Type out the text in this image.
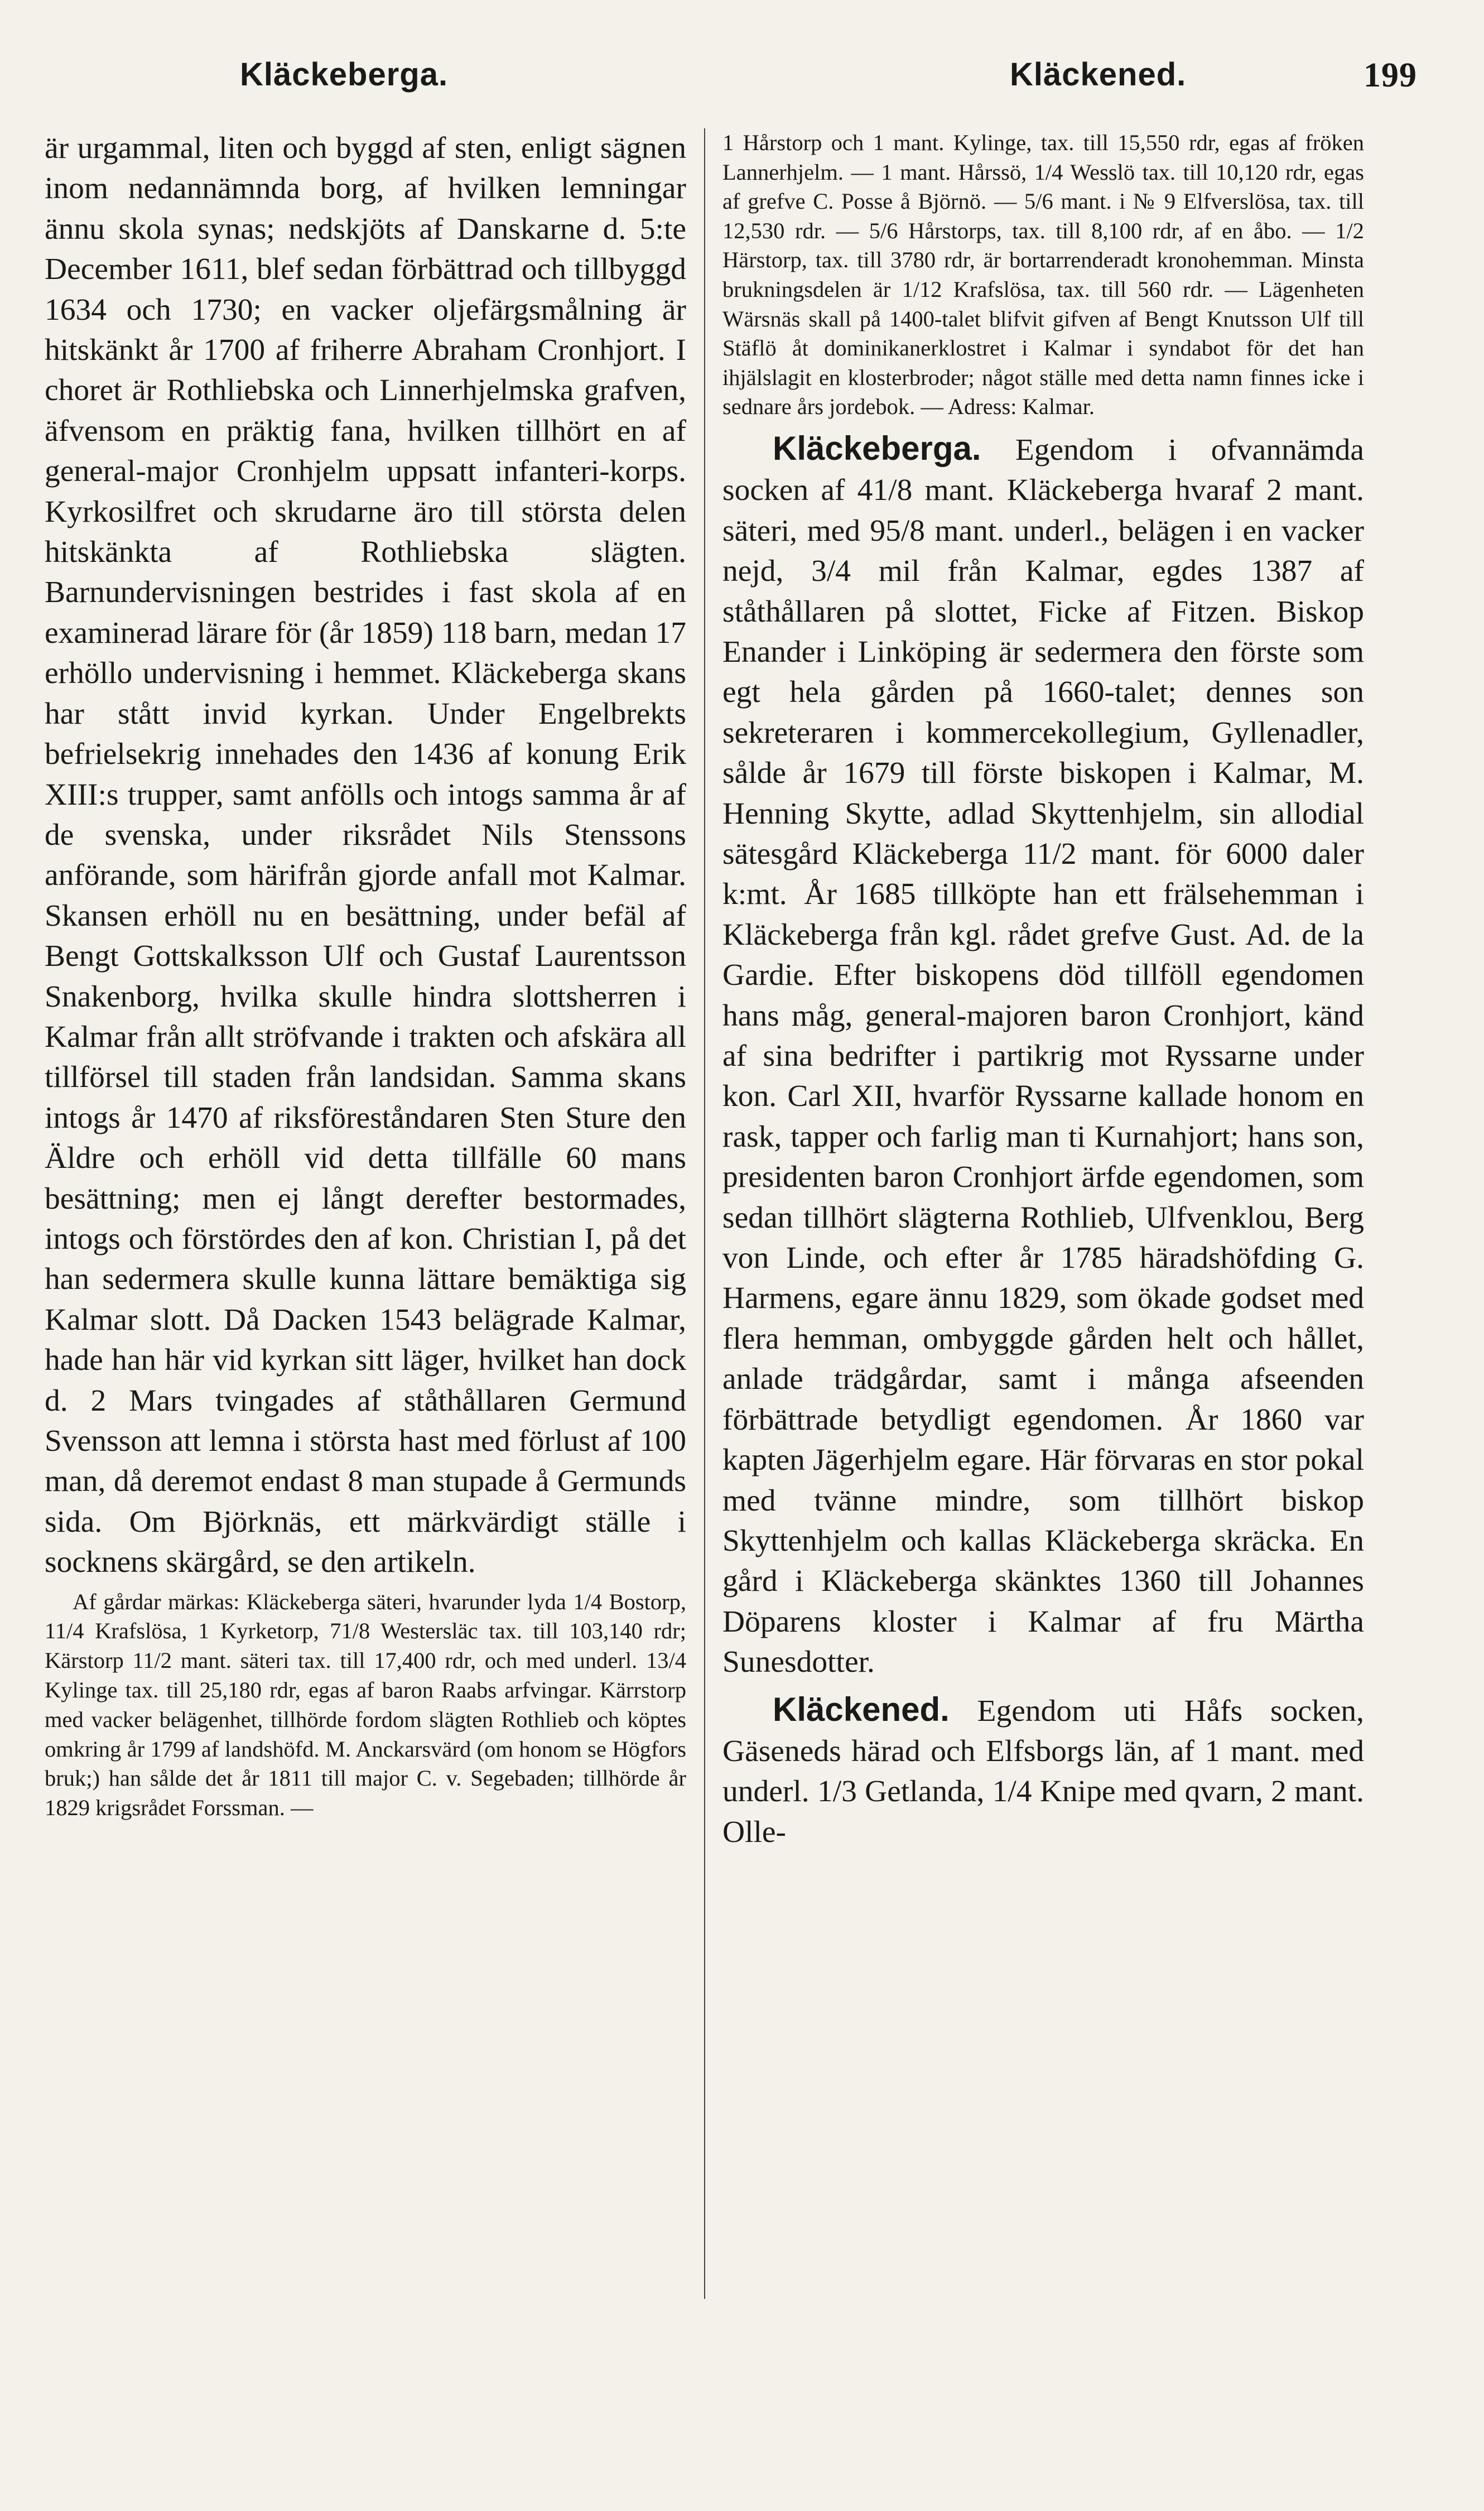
Kläckeberga.	Kläckened.	199

är urgammal, liten och byggd af sten, enligt sägnen inom nedannämnda borg, af hvilken lemningar ännu skola synas; nedskjöts af Danskarne d. 5:te December 1611, blef sedan förbättrad och tillbyggd 1634 och 1730; en vacker oljefärgsmålning är hitskänkt år 1700 af friherre Abraham Cronhjort. I choret är Rothliebska och Linnerhjelmska grafven, äfvensom en präktig fana, hvilken tillhört en af general-major Cronhjelm uppsatt infanteri-korps. Kyrkosilfret och skrudarne äro till största delen hitskänkta af Rothliebska slägten. Barnundervisningen bestrides i fast skola af en examinerad lärare för (år 1859) 118 barn, medan 17 erhöllo undervisning i hemmet. Kläckeberga skans har stått invid kyrkan. Under Engelbrekts befrielsekrig innehades den 1436 af konung Erik XIII:s trupper, samt anfölls och intogs samma år af de svenska, under riksrådet Nils Stenssons anförande, som härifrån gjorde anfall mot Kalmar. Skansen erhöll nu en besättning, under befäl af Bengt Gottskalksson Ulf och Gustaf Laurentsson Snakenborg, hvilka skulle hindra slottsherren i Kalmar från allt ströfvande i trakten och afskära all tillförsel till staden från landsidan. Samma skans intogs år 1470 af riksföreståndaren Sten Sture den Äldre och erhöll vid detta tillfälle 60 mans besättning; men ej långt derefter bestormades, intogs och förstördes den af kon. Christian I, på det han sedermera skulle kunna lättare bemäktiga sig Kalmar slott. Då Dacken 1543 belägrade Kalmar, hade han här vid kyrkan sitt läger, hvilket han dock d. 2 Mars tvingades af ståthållaren Germund Svensson att lemna i största hast med förlust af 100 man, då deremot endast 8 man stupade å Germunds sida. Om Björknäs, ett märkvärdigt ställe i socknens skärgård, se den artikeln.

Af gårdar märkas: Kläckeberga säteri, hvarunder lyda 1/4 Bostorp, 11/4 Krafslösa, 1 Kyrketorp, 71/8 Westersläc tax. till 103,140 rdr; Kärstorp 11/2 mant. säteri tax. till 17,400 rdr, och med underl. 13/4 Kylinge tax. till 25,180 rdr, egas af baron Raabs arfvingar. Kärrstorp med vacker belägenhet, tillhörde fordom slägten Rothlieb och köptes omkring år 1799 af landshöfd. M. Anckarsvärd (om honom se Högfors bruk;) han sålde det år 1811 till major C. v. Segebaden; tillhörde år 1829 krigsrådet Forssman. —

1 Hårstorp och 1 mant. Kylinge, tax. till 15,550 rdr, egas af fröken Lannerhjelm. — 1 mant. Hårssö, 1/4 Wesslö tax. till 10,120 rdr, egas af grefve C. Posse å Björnö. — 5/6 mant. i № 9 Elfverslösa, tax. till 12,530 rdr. — 5/6 Hårstorps, tax. till 8,100 rdr, af en åbo. — 1/2 Härstorp, tax. till 3780 rdr, är bortarrenderadt kronohemman. Minsta brukningsdelen är 1/12 Krafslösa, tax. till 560 rdr. — Lägenheten Wärsnäs skall på 1400-talet blifvit gifven af Bengt Knutsson Ulf till Stäflö åt dominikanerklostret i Kalmar i syndabot för det han ihjälslagit en klosterbroder; något ställe med detta namn finnes icke i sednare års jordebok. — Adress: Kalmar.

Kläckeberga. Egendom i ofvannämda socken af 41/8 mant. Kläckeberga hvaraf 2 mant. säteri, med 95/8 mant. underl., belägen i en vacker nejd, 3/4 mil från Kalmar, egdes 1387 af ståthållaren på slottet, Ficke af Fitzen. Biskop Enander i Linköping är sedermera den förste som egt hela gården på 1660-talet; dennes son sekreteraren i kommercekollegium, Gyllenadler, sålde år 1679 till förste biskopen i Kalmar, M. Henning Skytte, adlad Skyttenhjelm, sin allodial sätesgård Kläckeberga 11/2 mant. för 6000 daler k:mt. År 1685 tillköpte han ett frälsehemman i Kläckeberga från kgl. rådet grefve Gust. Ad. de la Gardie. Efter biskopens död tillföll egendomen hans måg, general-majoren baron Cronhjort, känd af sina bedrifter i partikrig mot Ryssarne under kon. Carl XII, hvarför Ryssarne kallade honom en rask, tapper och farlig man ti Kurnahjort; hans son, presidenten baron Cronhjort ärfde egendomen, som sedan tillhört slägterna Rothlieb, Ulfvenklou, Berg von Linde, och efter år 1785 häradshöfding G. Harmens, egare ännu 1829, som ökade godset med flera hemman, ombyggde gården helt och hållet, anlade trädgårdar, samt i många afseenden förbättrade betydligt egendomen. År 1860 var kapten Jägerhjelm egare. Här förvaras en stor pokal med tvänne mindre, som tillhört biskop Skyttenhjelm och kallas Kläckeberga skräcka. En gård i Kläckeberga skänktes 1360 till Johannes Döparens kloster i Kalmar af fru Märtha Sunesdotter.

Kläckened. Egendom uti Håfs socken, Gäseneds härad och Elfsborgs län, af 1 mant. med underl. 1/3 Getlanda, 1/4 Knipe med qvarn, 2 mant. Olle-
